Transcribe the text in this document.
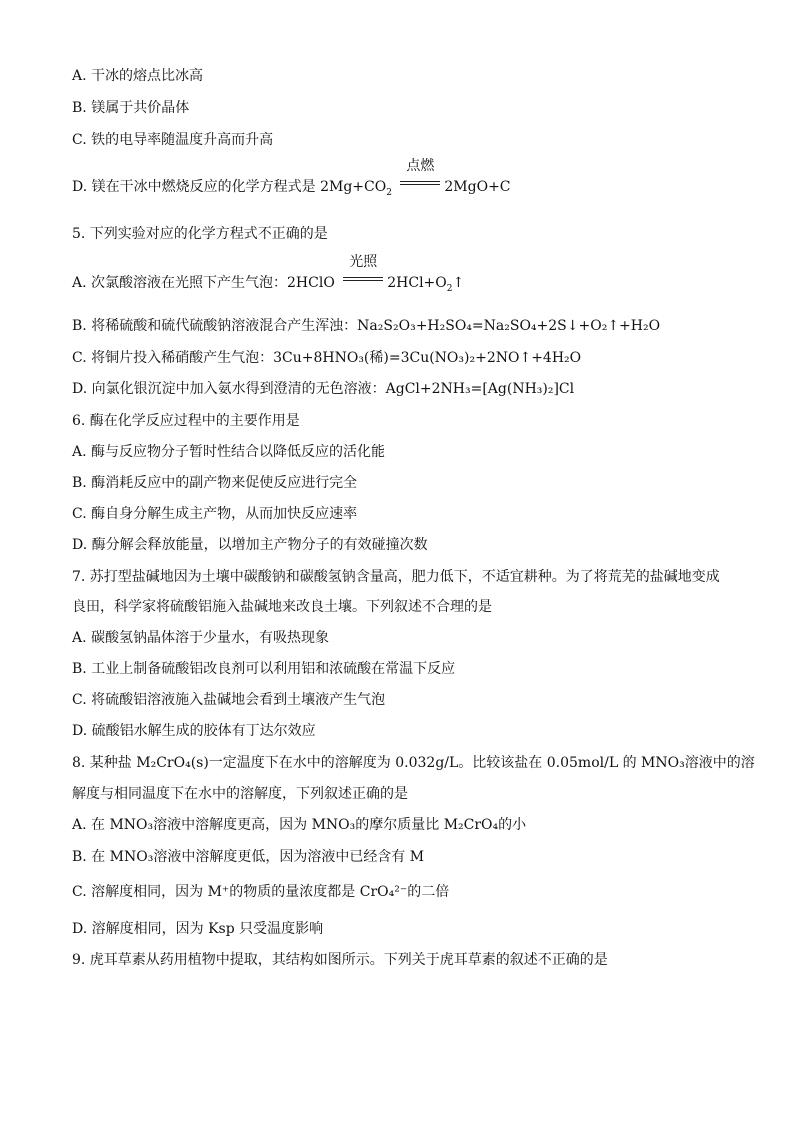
A. 干冰的熔点比冰高
B. 镁属于共价晶体
C. 铁的电导率随温度升高而升高
D. 镁在干冰中燃烧反应的化学方程式是 $2Mg+CO_2$
点燃
2MgO+C
5. 下列实验对应的化学方程式不正确的是
A. 次氯酸溶液在光照下产生气泡：2HClO
光照
$2HCl+O_2↑$
B. 将稀硫酸和硫代硫酸钠溶液混合产生浑浊：Na₂S₂O₃+H₂SO₄=Na₂SO₄+2S↓+O₂↑+H₂O
C. 将铜片投入稀硝酸产生气泡：3Cu+8HNO₃(稀)=3Cu(NO₃)₂+2NO↑+4H₂O
D. 向氯化银沉淀中加入氨水得到澄清的无色溶液：AgCl+2NH₃=[Ag(NH₃)₂]Cl
6. 酶在化学反应过程中的主要作用是
A. 酶与反应物分子暂时性结合以降低反应的活化能
B. 酶消耗反应中的副产物来促使反应进行完全
C. 酶自身分解生成主产物，从而加快反应速率
D. 酶分解会释放能量，以增加主产物分子的有效碰撞次数
7. 苏打型盐碱地因为土壤中碳酸钠和碳酸氢钠含量高，肥力低下，不适宜耕种。为了将荒芜的盐碱地变成
良田，科学家将硫酸铝施入盐碱地来改良土壤。下列叙述不合理的是
A. 碳酸氢钠晶体溶于少量水，有吸热现象
B. 工业上制备硫酸铝改良剂可以利用铝和浓硫酸在常温下反应
C. 将硫酸铝溶液施入盐碱地会看到土壤液产生气泡
D. 硫酸铝水解生成的胶体有丁达尔效应
8. 某种盐 M₂CrO₄(s)一定温度下在水中的溶解度为 0.032g/L。比较该盐在 0.05mol/L 的 MNO₃溶液中的溶
解度与相同温度下在水中的溶解度，下列叙述正确的是
A. 在 MNO₃溶液中溶解度更高，因为 MNO₃的摩尔质量比 M₂CrO₄的小
B. 在 MNO₃溶液中溶解度更低，因为溶液中已经含有 M
C. 溶解度相同，因为 M⁺的物质的量浓度都是 CrO₄²⁻的二倍
D. 溶解度相同，因为 Ksp 只受温度影响
9. 虎耳草素从药用植物中提取，其结构如图所示。下列关于虎耳草素的叙述不正确的是
